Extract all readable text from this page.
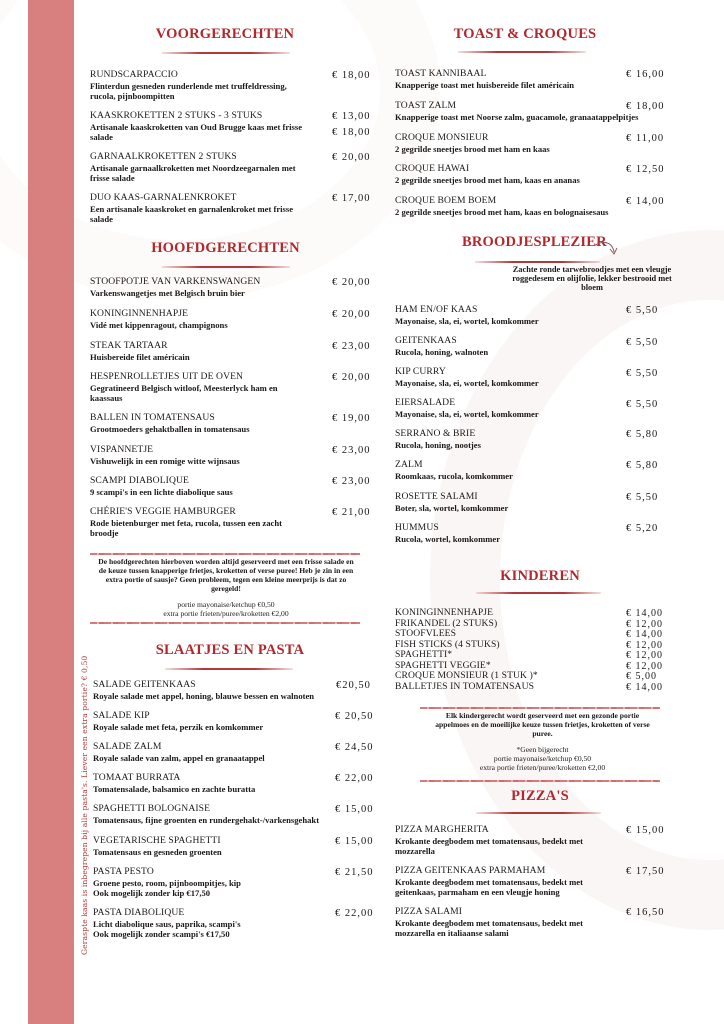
Geraspte kaas is inbegrepen bij alle pasta's. Liever een extra portie? € 0,50
VOORGERECHTEN
RUNDSCARPACCIO
Flinterdun gesneden runderlende met truffeldressing, rucola, pijnboompitten
€ 18,00
KAASKROKETTEN 2 STUKS - 3 STUKS
Artisanale kaaskroketten van Oud Brugge kaas met frisse salade
€ 13,00
€ 18,00
GARNAALKROKETTEN 2 STUKS
Artisanale garnaalkroketten met Noordzeegarnalen met frisse salade
€ 20,00
DUO KAAS-GARNALENKROKET
Een artisanale kaaskroket en garnalenkroket met frisse salade
€ 17,00
HOOFDGERECHTEN
STOOFPOTJE VAN VARKENSWANGEN
Varkenswangetjes met Belgisch bruin bier
€ 20,00
KONINGINNENHAPJE
Vidé met kippenragout, champignons
€ 20,00
STEAK TARTAAR
Huisbereide filet américain
€ 23,00
HESPENROLLETJES UIT DE OVEN
Gegratineerd Belgisch witloof, Meesterlyck ham en kaassaus
€ 20,00
BALLEN IN TOMATENSAUS
Grootmoeders gehaktballen in tomatensaus
€ 19,00
VISPANNETJE
Vishuwelijk in een romige witte wijnsaus
€ 23,00
SCAMPI DIABOLIQUE
9 scampi's in een lichte diabolique saus
€ 23,00
CHÉRIE'S VEGGIE HAMBURGER
Rode bietenburger met feta, rucola, tussen een zacht broodje
€ 21,00
De hoofdgerechten hierboven worden altijd geserveerd met een frisse salade en de keuze tussen knapperige frietjes, kroketten of verse puree! Heb je zin in een extra portie of sausje? Geen probleem, tegen een kleine meerprijs is dat zo geregeld!
portie mayonaise/ketchup €0,50
extra portie frieten/puree/kroketten €2,00
SLAATJES EN PASTA
SALADE GEITENKAAS
Royale salade met appel, honing, blauwe bessen en walnoten
€20,50
SALADE KIP
Royale salade met feta, perzik en komkommer
€ 20,50
SALADE ZALM
Royale salade van zalm, appel en granaatappel
€ 24,50
TOMAAT BURRATA
Tomatensalade, balsamico en zachte buratta
€ 22,00
SPAGHETTI BOLOGNAISE
Tomatensaus, fijne groenten en rundergehakt-/varkensgehakt
€ 15,00
VEGETARISCHE SPAGHETTI
Tomatensaus en gesneden groenten
€ 15,00
PASTA PESTO
Groene pesto, room, pijnboompitjes, kip
Ook mogelijk zonder kip €17,50
€ 21,50
PASTA DIABOLIQUE
Licht diabolique saus, paprika, scampi's
Ook mogelijk zonder scampi's €17,50
€ 22,00
TOAST & CROQUES
TOAST KANNIBAAL
Knapperige toast met huisbereide filet américain
€ 16,00
TOAST ZALM
Knapperige toast met Noorse zalm, guacamole, granaatappelpitjes
€ 18,00
CROQUE MONSIEUR
2 gegrilde sneetjes brood met ham en kaas
€ 11,00
CROQUE HAWAI
2 gegrilde sneetjes brood met ham, kaas en ananas
€ 12,50
CROQUE BOEM BOEM
2 gegrilde sneetjes brood met ham, kaas en bolognaisesaus
€ 14,00
BROODJESPLEZIER
Zachte ronde tarwebroodjes met een vleugje roggedesem en olijfolie, lekker bestrooid met bloem
HAM EN/OF KAAS
Mayonaise, sla, ei, wortel, komkommer
€ 5,50
GEITENKAAS
Rucola, honing, walnoten
€ 5,50
KIP CURRY
Mayonaise, sla, ei, wortel, komkommer
€ 5,50
EIERSALADE
Mayonaise, sla, ei, wortel, komkommer
€ 5,50
SERRANO & BRIE
Rucola, honing, nootjes
€ 5,80
ZALM
Roomkaas, rucola, komkommer
€ 5,80
ROSETTE SALAMI
Boter, sla, wortel, komkommer
€ 5,50
HUMMUS
Rucola, wortel, komkommer
€ 5,20
KINDEREN
KONINGINNENHAPJE	€ 14,00
FRIKANDEL (2 STUKS)	€ 12,00
STOOFVLEES	€ 14,00
FISH STICKS (4 STUKS)	€ 12,00
SPAGHETTI*	€ 12,00
SPAGHETTI VEGGIE*	€ 12,00
CROQUE MONSIEUR (1 STUK )*	€ 5,00
BALLETJES IN TOMATENSAUS	€ 14,00
Elk kindergerecht wordt geserveerd met een gezonde portie appelmoes en de moeilijke keuze tussen frietjes, kroketten of verse puree.
*Geen bijgerecht
portie mayonaise/ketchup €0,50
extra portie frieten/puree/kroketten €2,00
PIZZA'S
PIZZA MARGHERITA
Krokante deegbodem met tomatensaus, bedekt met mozzarella
€ 15,00
PIZZA GEITENKAAS PARMAHAM
Krokante deegbodem met tomatensaus, bedekt met geitenkaas, parmaham en een vleugje honing
€ 17,50
PIZZA SALAMI
Krokante deegbodem met tomatensaus, bedekt met mozzarella en italiaanse salami
€ 16,50
